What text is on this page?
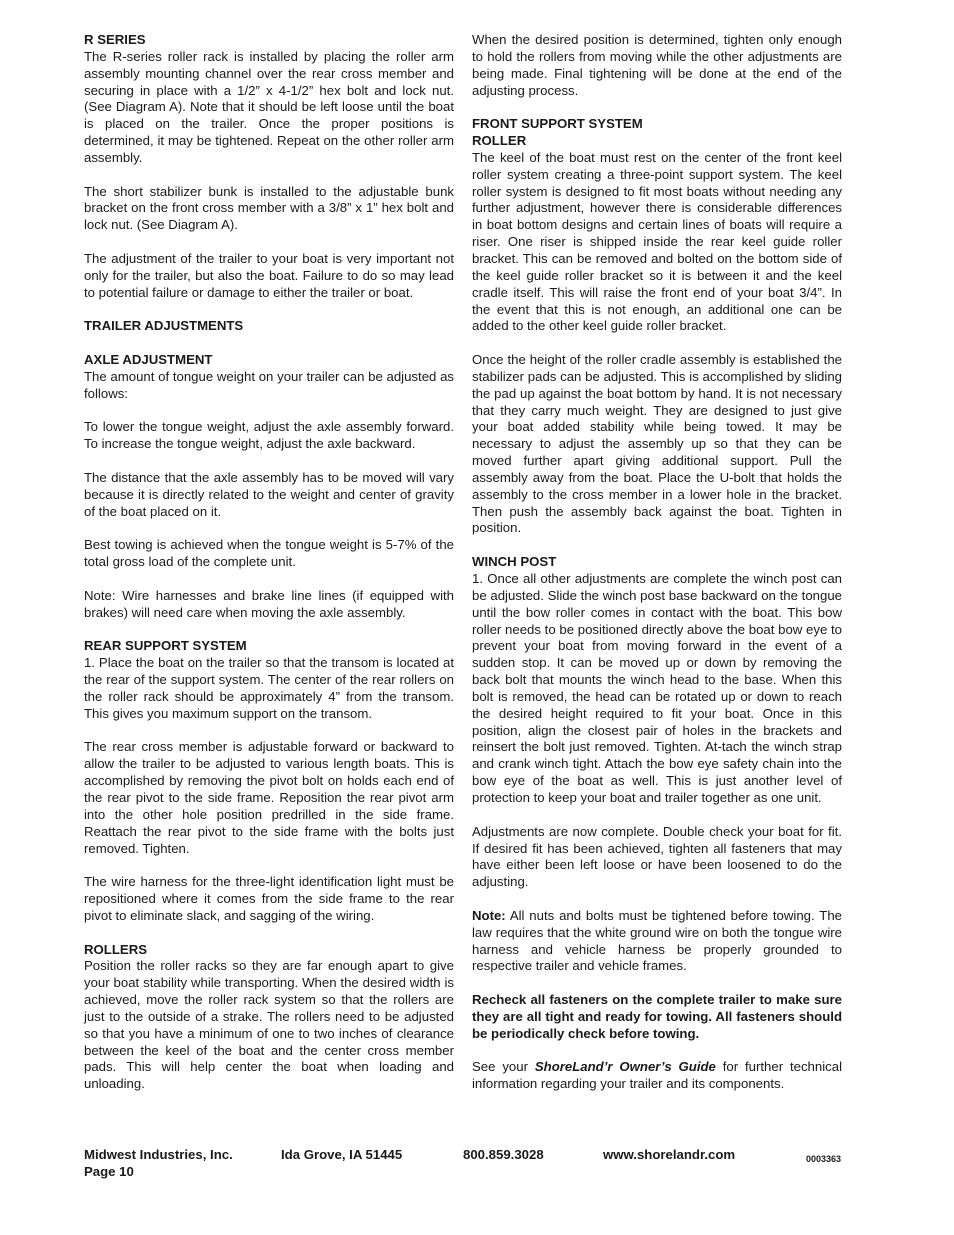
R SERIES
The R-series roller rack is installed by placing the roller arm assembly mounting channel over the rear cross member and securing in place with a 1/2” x 4-1/2” hex bolt and lock nut. (See Diagram A). Note that it should be left loose until the boat is placed on the trailer. Once the proper positions is determined, it may be tightened. Repeat on the other roller arm assembly.

The short stabilizer bunk is installed to the adjustable bunk bracket on the front cross member with a 3/8” x 1” hex bolt and lock nut. (See Diagram A).

The adjustment of the trailer to your boat is very important not only for the trailer, but also the boat. Failure to do so may lead to potential failure or damage to either the trailer or boat.

TRAILER ADJUSTMENTS

AXLE ADJUSTMENT
The amount of tongue weight on your trailer can be adjusted as follows:

To lower the tongue weight, adjust the axle assembly forward. To increase the tongue weight, adjust the axle backward.

The distance that the axle assembly has to be moved will vary because it is directly related to the weight and center of gravity of the boat placed on it.

Best towing is achieved when the tongue weight is 5-7% of the total gross load of the complete unit.

Note: Wire harnesses and brake line lines (if equipped with brakes) will need care when moving the axle assembly.

REAR SUPPORT SYSTEM
1. Place the boat on the trailer so that the transom is located at the rear of the support system. The center of the rear rollers on the roller rack should be approximately 4” from the transom. This gives you maximum support on the transom.

The rear cross member is adjustable forward or backward to allow the trailer to be adjusted to various length boats. This is accomplished by removing the pivot bolt on holds each end of the rear pivot to the side frame. Reposition the rear pivot arm into the other hole position predrilled in the side frame. Reattach the rear pivot to the side frame with the bolts just removed. Tighten.

The wire harness for the three-light identification light must be repositioned where it comes from the side frame to the rear pivot to eliminate slack, and sagging of the wiring.

ROLLERS
Position the roller racks so they are far enough apart to give your boat stability while transporting. When the desired width is achieved, move the roller rack system so that the rollers are just to the outside of a strake. The rollers need to be adjusted so that you have a minimum of one to two inches of clearance between the keel of the boat and the center cross member pads. This will help center the boat when loading and unloading.

When the desired position is determined, tighten only enough to hold the rollers from moving while the other adjustments are being made. Final tightening will be done at the end of the adjusting process.

FRONT SUPPORT SYSTEM
ROLLER
The keel of the boat must rest on the center of the front keel roller system creating a three-point support system. The keel roller system is designed to fit most boats without needing any further adjustment, however there is considerable differences in boat bottom designs and certain lines of boats will require a riser. One riser is shipped inside the rear keel guide roller bracket. This can be removed and bolted on the bottom side of the keel guide roller bracket so it is between it and the keel cradle itself. This will raise the front end of your boat 3/4”. In the event that this is not enough, an additional one can be added to the other keel guide roller bracket.

Once the height of the roller cradle assembly is established the stabilizer pads can be adjusted. This is accomplished by sliding the pad up against the boat bottom by hand. It is not necessary that they carry much weight. They are designed to just give your boat added stability while being towed. It may be necessary to adjust the assembly up so that they can be moved further apart giving additional support. Pull the assembly away from the boat. Place the U-bolt that holds the assembly to the cross member in a lower hole in the bracket. Then push the assembly back against the boat. Tighten in position.

WINCH POST
1. Once all other adjustments are complete the winch post can be adjusted. Slide the winch post base backward on the tongue until the bow roller comes in contact with the boat. This bow roller needs to be positioned directly above the boat bow eye to prevent your boat from moving forward in the event of a sudden stop. It can be moved up or down by removing the back bolt that mounts the winch head to the base. When this bolt is removed, the head can be rotated up or down to reach the desired height required to fit your boat. Once in this position, align the closest pair of holes in the brackets and reinsert the bolt just removed. Tighten. At-tach the winch strap and crank winch tight. Attach the bow eye safety chain into the bow eye of the boat as well. This is just another level of protection to keep your boat and trailer together as one unit.

Adjustments are now complete. Double check your boat for fit. If desired fit has been achieved, tighten all fasteners that may have either been left loose or have been loosened to do the adjusting.

Note: All nuts and bolts must be tightened before towing. The law requires that the white ground wire on both the tongue wire harness and vehicle harness be properly grounded to respective trailer and vehicle frames.

Recheck all fasteners on the complete trailer to make sure they are all tight and ready for towing. All fasteners should be periodically check before towing.

See your ShoreLand’r Owner’s Guide for further technical information regarding your trailer and its components.

Midwest Industries, Inc.	Ida Grove, IA 51445	800.859.3028	www.shorelandr.com	0003363
Page 10
